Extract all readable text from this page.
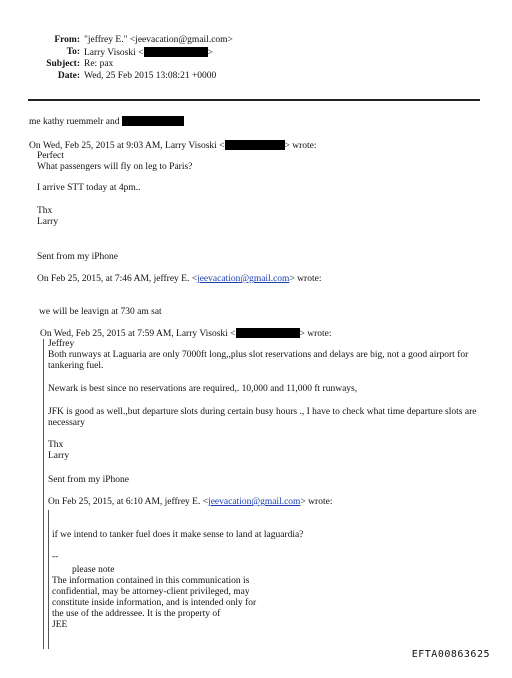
From: "jeffrey E." <jeevacation@gmail.com>
To: Larry Visoski <	>
Subject: Re: pax
Date: Wed, 25 Feb 2015 13:08:21 +0000
me kathy ruemmelr and
On Wed, Feb 25, 2015 at 9:03 AM, Larry Visoski <	> wrote:
Perfect
What passengers will fly on leg to Paris?
I arrive STT today at 4pm..
Thx
Larry
Sent from my iPhone
On Feb 25, 2015, at 7:46 AM, jeffrey E. <jeevacation@gmail.com> wrote:
we will be leavign at 730 am sat
On Wed, Feb 25, 2015 at 7:59 AM, Larry Visoski <	> wrote:
Jeffrey
Both runways at Laguaria are only 7000ft long,,plus slot reservations and delays are big, not a good airport for tankering fuel.
Newark is best since no reservations are required,. 10,000 and 11,000 ft runways,
JFK is good as well.,but departure slots during certain busy hours ., I have to check what time departure slots are necessary
Thx
Larry
Sent from my iPhone
On Feb 25, 2015, at 6:10 AM, jeffrey E. <jeevacation@gmail.com> wrote:
if we intend to tanker fuel does it make sense to land at laguardia?
--
please note
The information contained in this communication is
confidential, may be attorney-client privileged, may
constitute inside information, and is intended only for
the use of the addressee. It is the property of
JEE
EFTA00863625
